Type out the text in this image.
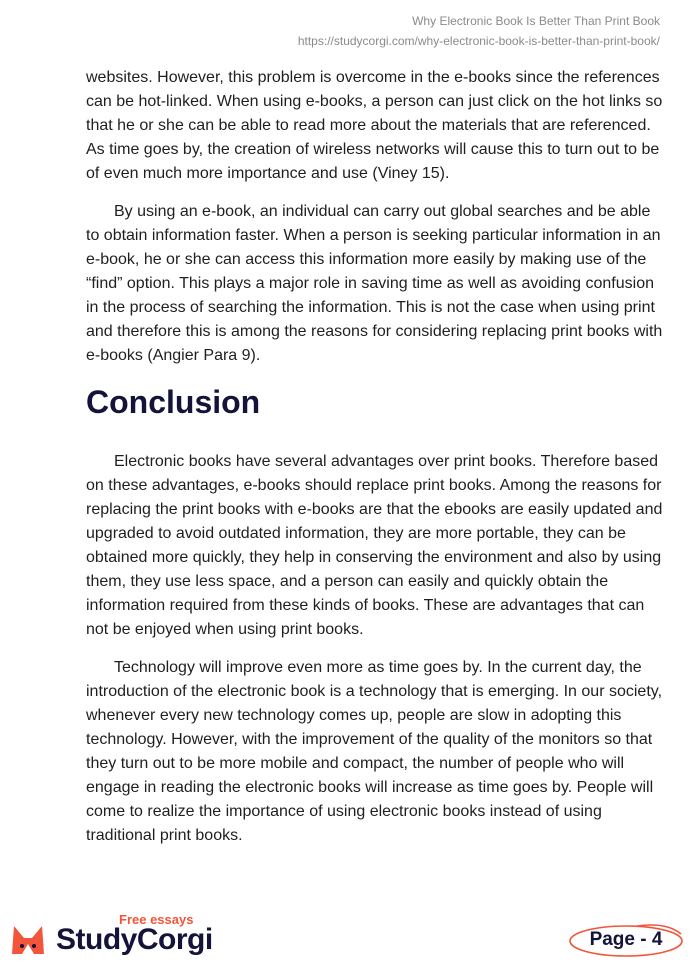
Why Electronic Book Is Better Than Print Book
https://studycorgi.com/why-electronic-book-is-better-than-print-book/

websites. However, this problem is overcome in the e-books since the references can be hot-linked. When using e-books, a person can just click on the hot links so that he or she can be able to read more about the materials that are referenced. As time goes by, the creation of wireless networks will cause this to turn out to be of even much more importance and use (Viney 15).

By using an e-book, an individual can carry out global searches and be able to obtain information faster. When a person is seeking particular information in an e-book, he or she can access this information more easily by making use of the “find” option. This plays a major role in saving time as well as avoiding confusion in the process of searching the information. This is not the case when using print and therefore this is among the reasons for considering replacing print books with e-books (Angier Para 9).

Conclusion

Electronic books have several advantages over print books. Therefore based on these advantages, e-books should replace print books. Among the reasons for replacing the print books with e-books are that the ebooks are easily updated and upgraded to avoid outdated information, they are more portable, they can be obtained more quickly, they help in conserving the environment and also by using them, they use less space, and a person can easily and quickly obtain the information required from these kinds of books. These are advantages that can not be enjoyed when using print books.

Technology will improve even more as time goes by. In the current day, the introduction of the electronic book is a technology that is emerging. In our society, whenever every new technology comes up, people are slow in adopting this technology. However, with the improvement of the quality of the monitors so that they turn out to be more mobile and compact, the number of people who will engage in reading the electronic books will increase as time goes by. People will come to realize the importance of using electronic books instead of using traditional print books.

Free essays
StudyCorgi	Page - 4
